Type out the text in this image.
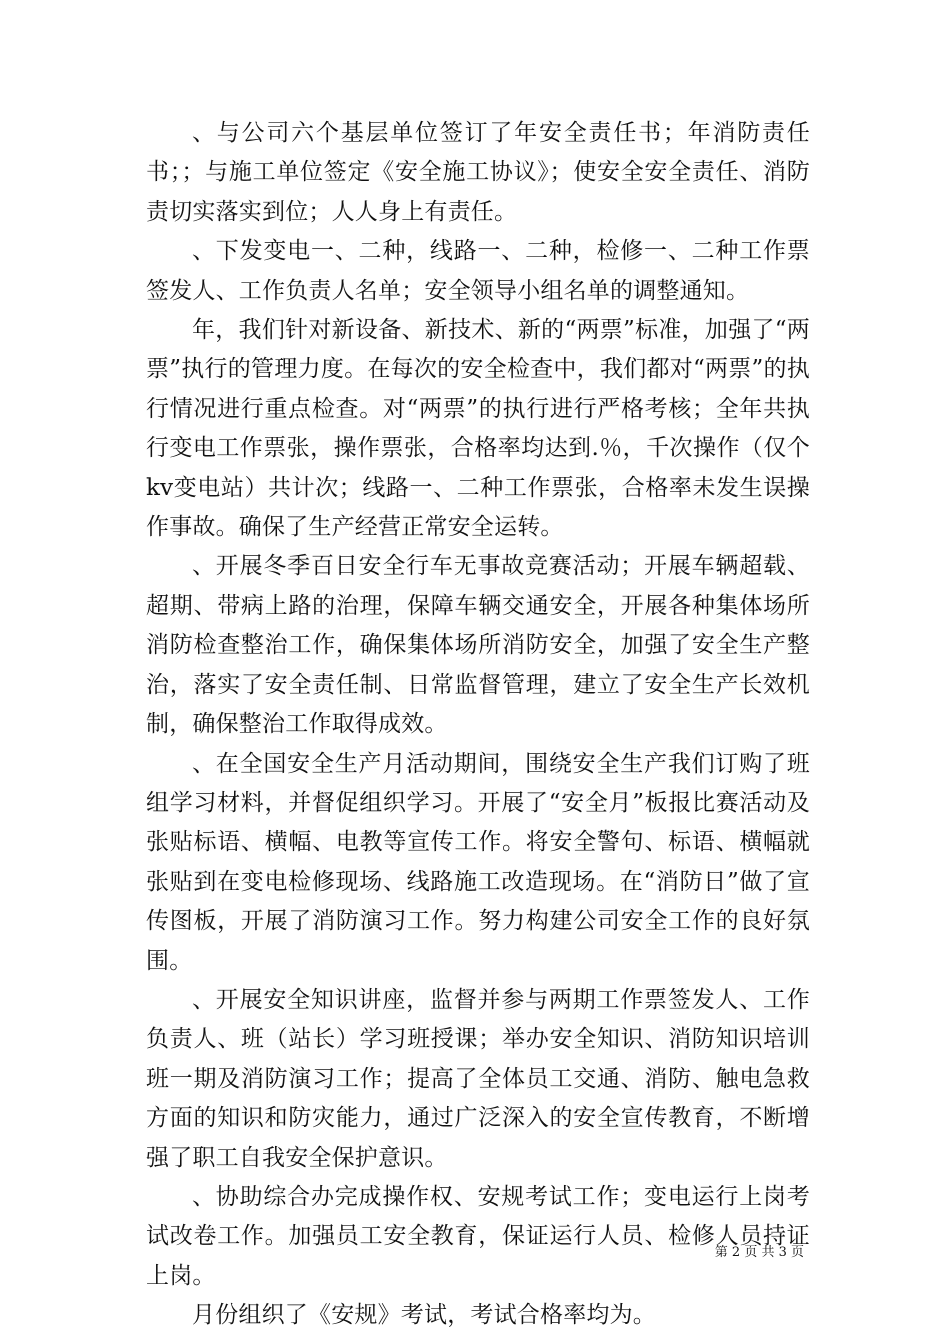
、与公司六个基层单位签订了年安全责任书；年消防责任书；；与施工单位签定《安全施工协议》；使安全安全责任、消防责切实落实到位；人人身上有责任。

、下发变电一、二种，线路一、二种，检修一、二种工作票签发人、工作负责人名单；安全领导小组名单的调整通知。

年，我们针对新设备、新技术、新的“两票”标准，加强了“两票”执行的管理力度。在每次的安全检查中，我们都对“两票”的执行情况进行重点检查。对“两票”的执行进行严格考核；全年共执行变电工作票张，操作票张，合格率均达到.％，千次操作（仅个kv变电站）共计次；线路一、二种工作票张，合格率未发生误操作事故。确保了生产经营正常安全运转。

、开展冬季百日安全行车无事故竞赛活动；开展车辆超载、超期、带病上路的治理，保障车辆交通安全，开展各种集体场所消防检查整治工作，确保集体场所消防安全，加强了安全生产整治，落实了安全责任制、日常监督管理，建立了安全生产长效机制，确保整治工作取得成效。

、在全国安全生产月活动期间，围绕安全生产我们订购了班组学习材料，并督促组织学习。开展了“安全月”板报比赛活动及张贴标语、横幅、电教等宣传工作。将安全警句、标语、横幅就张贴到在变电检修现场、线路施工改造现场。在“消防日”做了宣传图板，开展了消防演习工作。努力构建公司安全工作的良好氛围。

、开展安全知识讲座，监督并参与两期工作票签发人、工作负责人、班（站长）学习班授课；举办安全知识、消防知识培训班一期及消防演习工作；提高了全体员工交通、消防、触电急救方面的知识和防灾能力，通过广泛深入的安全宣传教育，不断增强了职工自我安全保护意识。

、协助综合办完成操作权、安规考试工作；变电运行上岗考试改卷工作。加强员工安全教育，保证运行人员、检修人员持证上岗。

月份组织了《安规》考试，考试合格率均为。

第 2 页 共 3 页
